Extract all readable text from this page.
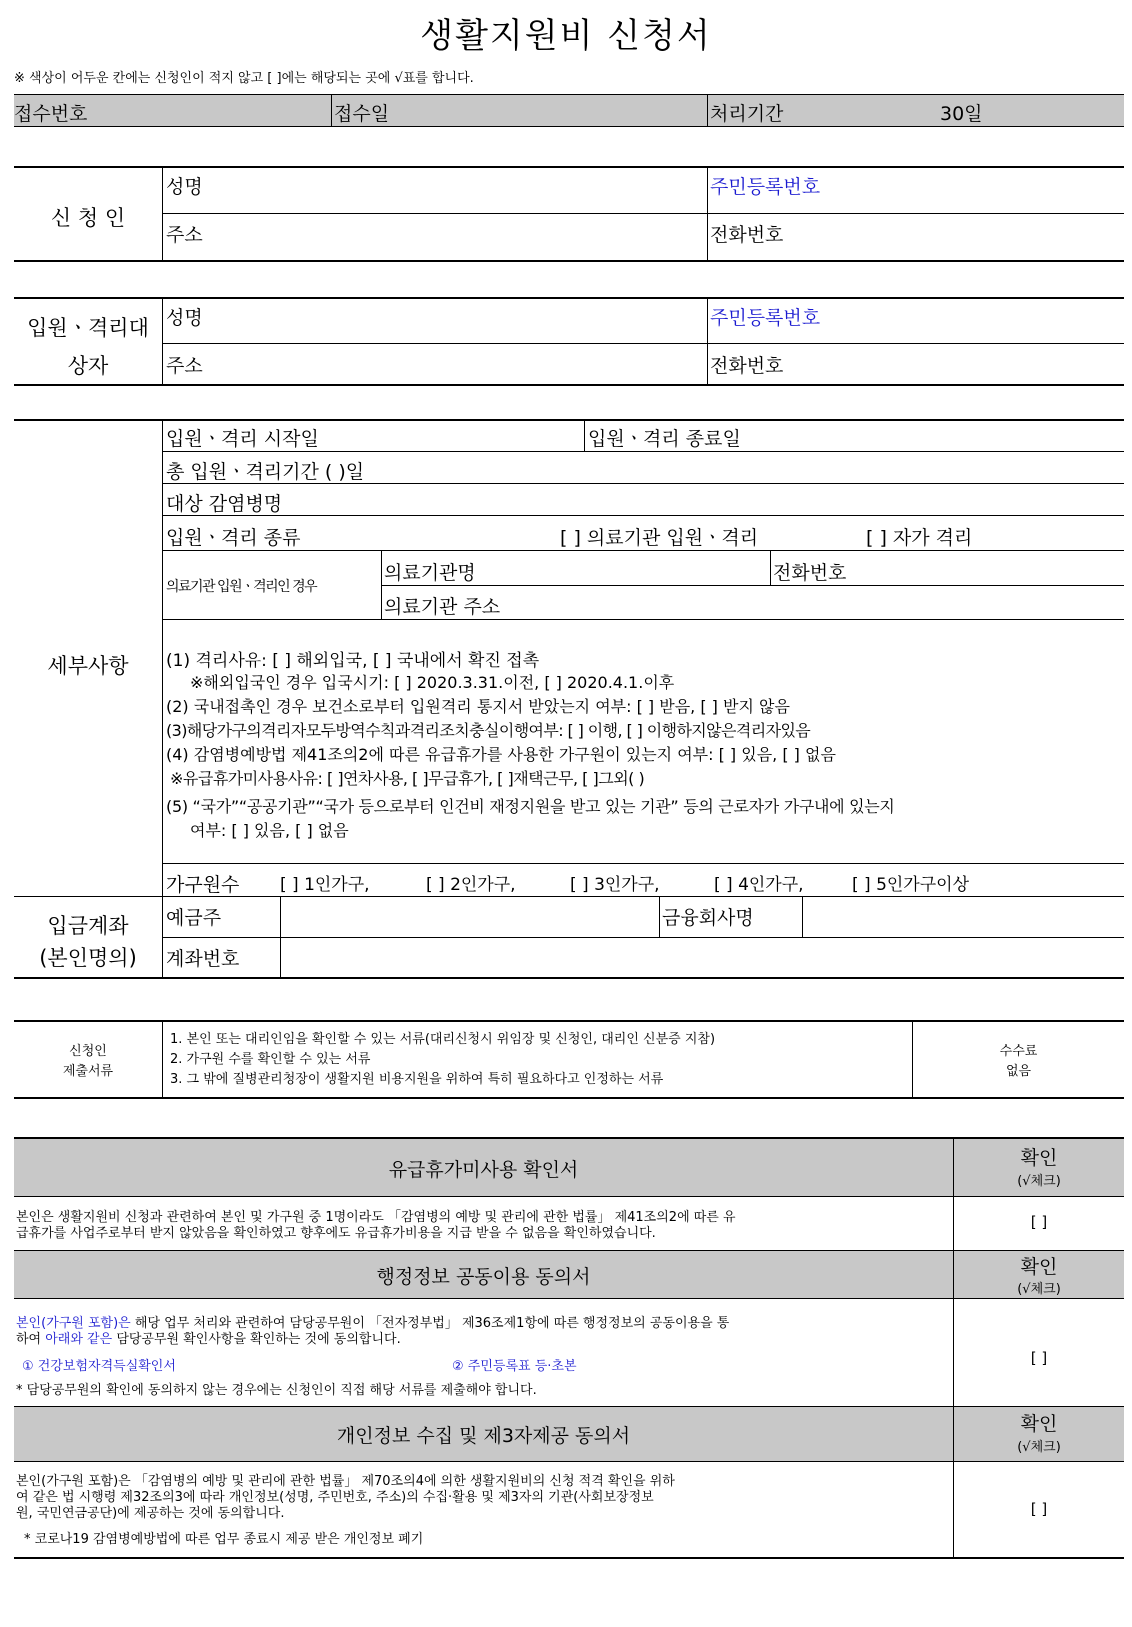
생활지원비 신청서
※ 색상이 어두운 칸에는 신청인이 적지 않고 [ ]에는 해당되는 곳에 √표를 합니다.
접수번호	접수일	처리기간	30일
신 청 인
성명	주민등록번호
주소	전화번호
입원ㆍ격리대
상자
성명	주민등록번호
주소	전화번호
세부사항
입원ㆍ격리 시작일	입원ㆍ격리 종료일
총 입원ㆍ격리기간 ( )일
대상 감염병명
입원ㆍ격리 종류	[ ] 의료기관 입원ㆍ격리	[ ] 자가 격리
의료기관 입원ㆍ격리인 경우
의료기관명	전화번호
의료기관 주소
(1) 격리사유: [ ] 해외입국, [ ] 국내에서 확진 접촉
※해외입국인 경우 입국시기: [ ] 2020.3.31.이전, [ ] 2020.4.1.이후
(2) 국내접촉인 경우 보건소로부터 입원격리 통지서 받았는지 여부: [ ] 받음, [ ] 받지 않음
(3)해당가구의격리자모두방역수칙과격리조치충실이행여부: [ ] 이행, [ ] 이행하지않은격리자있음
(4) 감염병예방법 제41조의2에 따른 유급휴가를 사용한 가구원이 있는지 여부: [ ] 있음, [ ] 없음
※유급휴가미사용사유: [ ]연차사용, [ ]무급휴가, [ ]재택근무, [ ]그외( )
(5) “국가”“공공기관”“국가 등으로부터 인건비 재정지원을 받고 있는 기관” 등의 근로자가 가구내에 있는지
여부: [ ] 있음, [ ] 없음
가구원수 [ ] 1인가구,	[ ] 2인가구,	[ ] 3인가구,	[ ] 4인가구,	[ ] 5인가구이상
입금계좌
(본인명의)
예금주	금융회사명
계좌번호
신청인
제출서류
1. 본인 또는 대리인임을 확인할 수 있는 서류(대리신청시 위임장 및 신청인, 대리인 신분증 지참)
2. 가구원 수를 확인할 수 있는 서류
3. 그 밖에 질병관리청장이 생활지원 비용지원을 위하여 특히 필요하다고 인정하는 서류
수수료
없음
유급휴가미사용 확인서
확인
(√체크)
본인은 생활지원비 신청과 관련하여 본인 및 가구원 중 1명이라도 「감염병의 예방 및 관리에 관한 법률」 제41조의2에 따른 유
급휴가를 사업주로부터 받지 않았음을 확인하였고 향후에도 유급휴가비용을 지급 받을 수 없음을 확인하였습니다.
[ ]
행정정보 공동이용 동의서	확인
(√체크)
본인(가구원 포함)은 해당 업무 처리와 관련하여 담당공무원이 「전자정부법」 제36조제1항에 따른 행정정보의 공동이용을 통
하여 아래와 같은 담당공무원 확인사항을 확인하는 것에 동의합니다.
① 건강보험자격득실확인서	② 주민등록표 등·초본
* 담당공무원의 확인에 동의하지 않는 경우에는 신청인이 직접 해당 서류를 제출해야 합니다.
[ ]
개인정보 수집 및 제3자제공 동의서
확인
(√체크)
본인(가구원 포함)은 「감염병의 예방 및 관리에 관한 법률」 제70조의4에 의한 생활지원비의 신청 적격 확인을 위하
여 같은 법 시행령 제32조의3에 따라 개인정보(성명, 주민번호, 주소)의 수집·활용 및 제3자의 기관(사회보장정보
원, 국민연금공단)에 제공하는 것에 동의합니다.
* 코로나19 감염병예방법에 따른 업무 종료시 제공 받은 개인정보 폐기
[ ]
